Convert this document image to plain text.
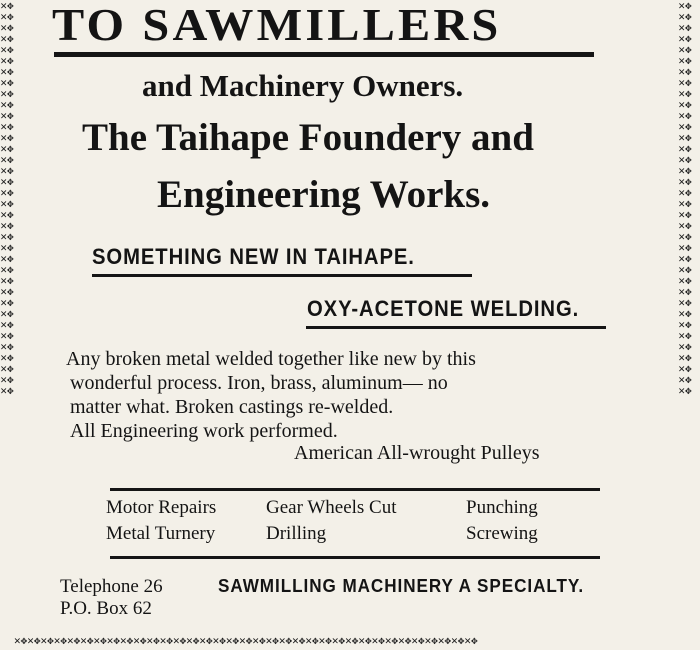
✕✥✕✥✕✥✕✥✕✥✕✥✕✥✕✥✕✥✕✥✕✥✕✥✕✥✕✥✕✥✕✥✕✥✕✥✕✥✕✥✕✥✕✥✕✥✕✥✕✥✕✥✕✥✕✥✕✥✕✥✕✥✕✥✕✥✕✥✕✥✕✥
✕✥✕✥✕✥✕✥✕✥✕✥✕✥✕✥✕✥✕✥✕✥✕✥✕✥✕✥✕✥✕✥✕✥✕✥✕✥✕✥✕✥✕✥✕✥✕✥✕✥✕✥✕✥✕✥✕✥✕✥✕✥✕✥✕✥✕✥✕✥✕✥
✕✥✕✥✕✥✕✥✕✥✕✥✕✥✕✥✕✥✕✥✕✥✕✥✕✥✕✥✕✥✕✥✕✥✕✥✕✥✕✥✕✥✕✥✕✥✕✥✕✥✕✥✕✥✕✥✕✥✕✥✕✥✕✥✕✥✕✥✕✥
TO SAWMILLERS
and Machinery Owners.
The Taihape Foundery and
Engineering Works.
SOMETHING NEW IN TAIHAPE.
OXY-ACETONE WELDING.
Any broken metal welded together like new by this
wonderful process. Iron, brass, aluminum— no
matter what. Broken castings re-welded.
All Engineering work performed.
American All-wrought Pulleys
Motor Repairs	Gear Wheels Cut	Punching
Metal Turnery	Drilling	Screwing
Telephone 26
P.O. Box 62
SAWMILLING MACHINERY A SPECIALTY.
